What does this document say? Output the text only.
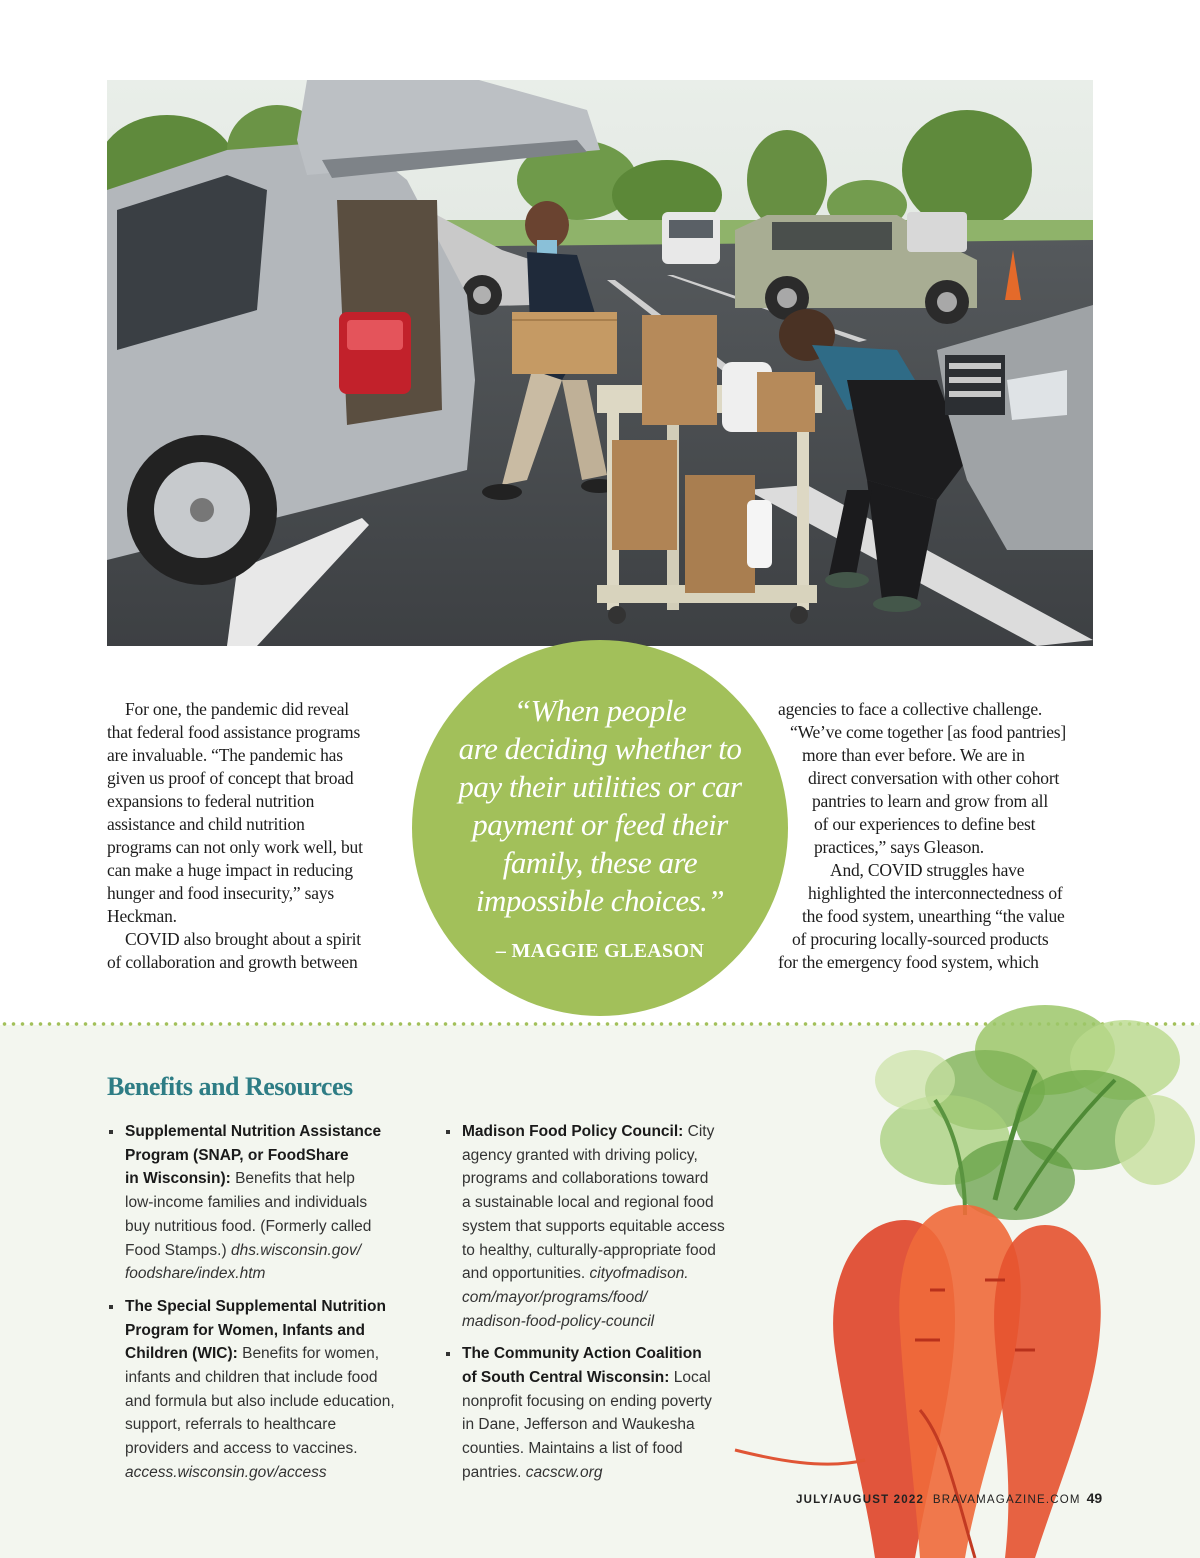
For one, the pandemic did reveal
that federal food assistance programs
are invaluable. “The pandemic has
given us proof of concept that broad
expansions to federal nutrition
assistance and child nutrition
programs can not only work well, but
can make a huge impact in reducing
hunger and food insecurity,” says
Heckman.
COVID also brought about a spirit
of collaboration and growth between
“When people
are deciding whether to
pay their utilities or car
payment or feed their
family, these are
impossible choices.”
– MAGGIE GLEASON
agencies to face a collective challenge.
“We’ve come together [as food pantries]
more than ever before. We are in
direct conversation with other cohort
pantries to learn and grow from all
of our experiences to define best
practices,” says Gleason.
And, COVID struggles have
highlighted the interconnectedness of
the food system, unearthing “the value
of procuring locally-sourced products
for the emergency food system, which
Benefits and Resources
Supplemental Nutrition Assistance
Program (SNAP, or FoodShare
in Wisconsin): Benefits that help
low-income families and individuals
buy nutritious food. (Formerly called
Food Stamps.) dhs.wisconsin.gov/
foodshare/index.htm
The Special Supplemental Nutrition
Program for Women, Infants and
Children (WIC): Benefits for women,
infants and children that include food
and formula but also include education,
support, referrals to healthcare
providers and access to vaccines.
access.wisconsin.gov/access
Madison Food Policy Council: City
agency granted with driving policy,
programs and collaborations toward
a sustainable local and regional food
system that supports equitable access
to healthy, culturally-appropriate food
and opportunities. cityofmadison.
com/mayor/programs/food/
madison-food-policy-council
The Community Action Coalition
of South Central Wisconsin: Local
nonprofit focusing on ending poverty
in Dane, Jefferson and Waukesha
counties. Maintains a list of food
pantries. cacscw.org
JULY/AUGUST 2022 BRAVAMAGAZINE.COM 49
